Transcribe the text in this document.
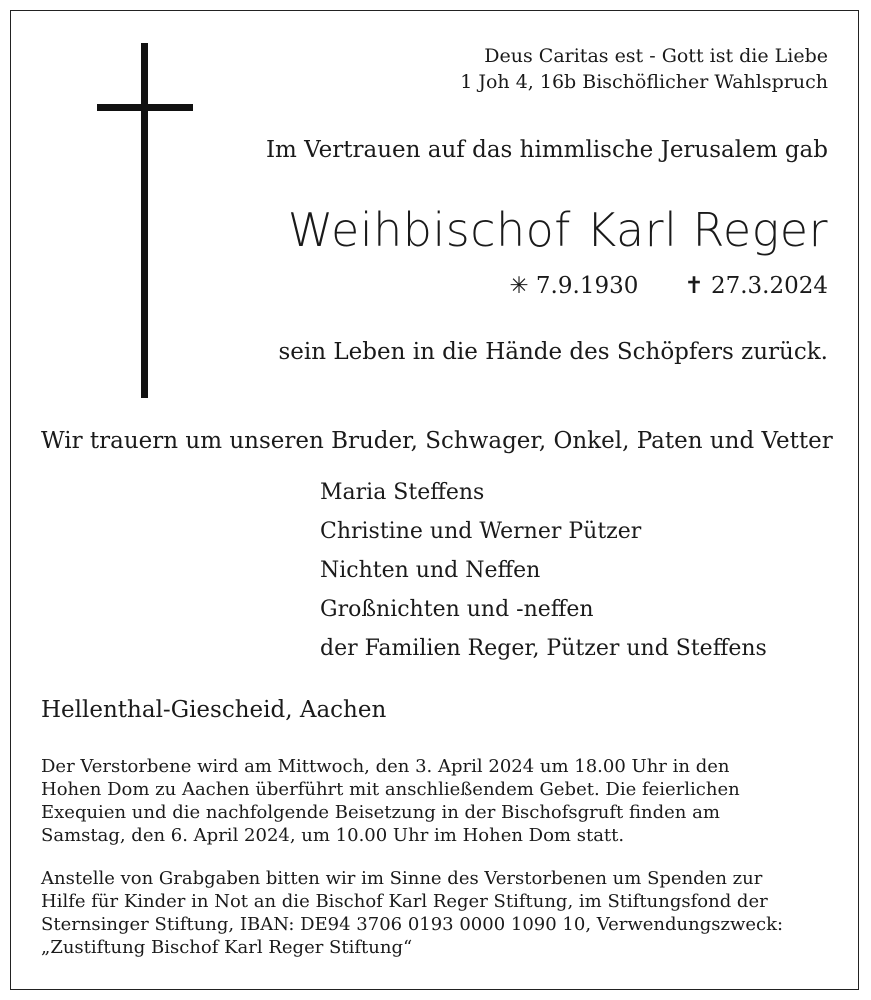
Deus Caritas est - Gott ist die Liebe
1 Joh 4, 16b Bischöflicher Wahlspruch
Im Vertrauen auf das himmlische Jerusalem gab
Weihbischof Karl Reger
✳ 7.9.1930 ✝ 27.3.2024
sein Leben in die Hände des Schöpfers zurück.
Wir trauern um unseren Bruder, Schwager, Onkel, Paten und Vetter
Maria Steffens
Christine und Werner Pützer
Nichten und Neffen
Großnichten und -neffen
der Familien Reger, Pützer und Steffens
Hellenthal-Giescheid, Aachen
Der Verstorbene wird am Mittwoch, den 3. April 2024 um 18.00 Uhr in den
Hohen Dom zu Aachen überführt mit anschließendem Gebet. Die feierlichen
Exequien und die nachfolgende Beisetzung in der Bischofsgruft finden am
Samstag, den 6. April 2024, um 10.00 Uhr im Hohen Dom statt.
Anstelle von Grabgaben bitten wir im Sinne des Verstorbenen um Spenden zur
Hilfe für Kinder in Not an die Bischof Karl Reger Stiftung, im Stiftungsfond der
Sternsinger Stiftung, IBAN: DE94 3706 0193 0000 1090 10, Verwendungszweck:
„Zustiftung Bischof Karl Reger Stiftung“
